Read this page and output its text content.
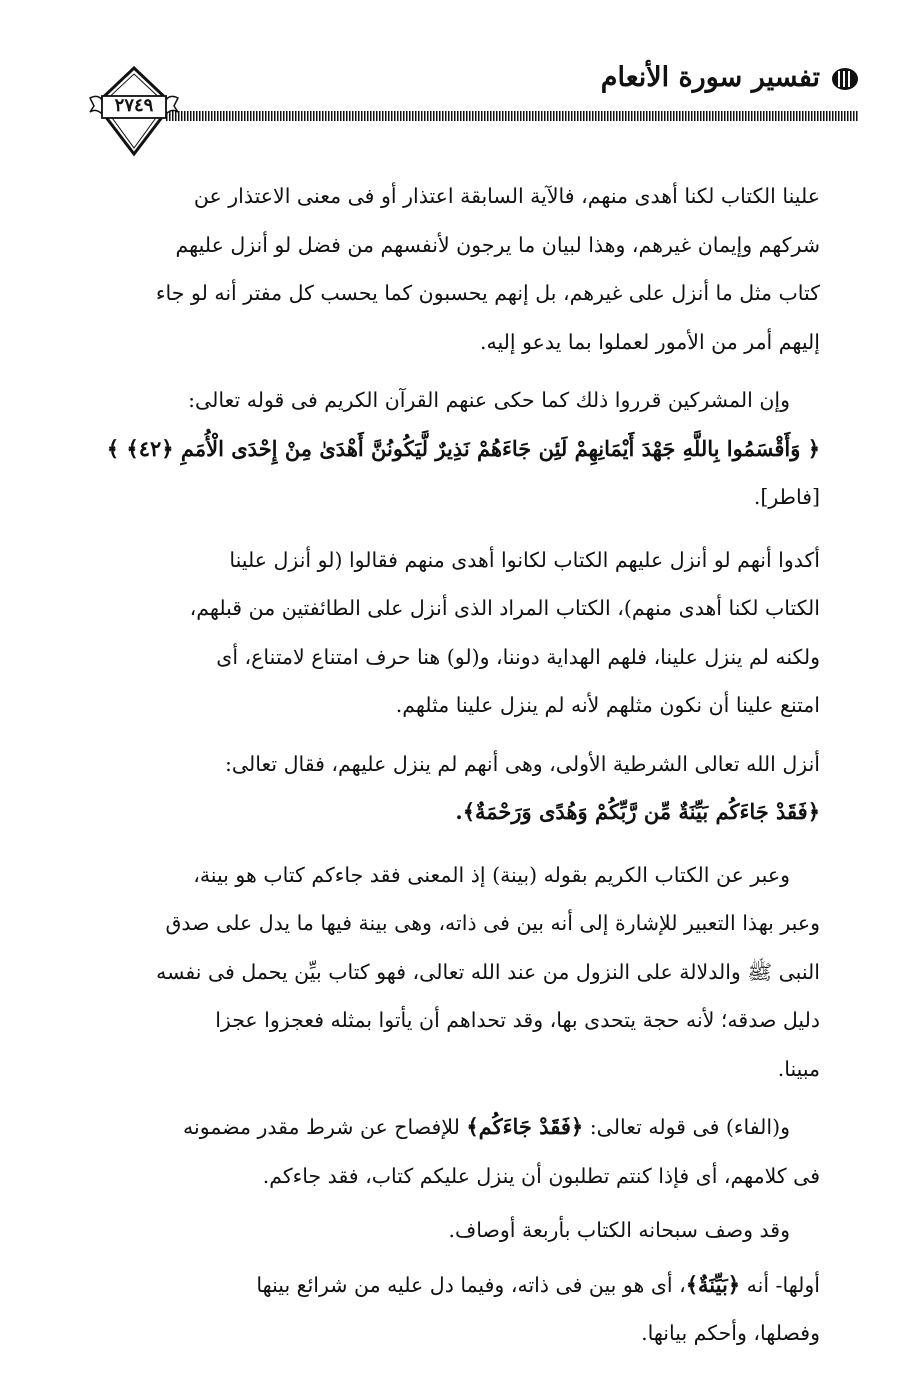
تفسير سورة الأنعام
٢٧٤٩
علينا الكتاب لكنا أهدى منهم، فالآية السابقة اعتذار أو فى معنى الاعتذار عن
شركهم وإيمان غيرهم، وهذا لبيان ما يرجون لأنفسهم من فضل لو أنزل عليهم
كتاب مثل ما أنزل على غيرهم، بل إنهم يحسبون كما يحسب كل مفتر أنه لو جاء
إليهم أمر من الأمور لعملوا بما يدعو إليه.
وإن المشركين قرروا ذلك كما حكى عنهم القرآن الكريم فى قوله تعالى:
﴿ وَأَقْسَمُوا بِاللَّهِ جَهْدَ أَيْمَانِهِمْ لَئِن جَاءَهُمْ نَذِيرٌ لَّيَكُونُنَّ أَهْدَىٰ مِنْ إِحْدَى الْأُمَمِ ﴿٤٢﴾ ﴾
[فاطر].
أكدوا أنهم لو أنزل عليهم الكتاب لكانوا أهدى منهم فقالوا (لو أنزل علينا
الكتاب لكنا أهدى منهم)، الكتاب المراد الذى أنزل على الطائفتين من قبلهم،
ولكنه لم ينزل علينا، فلهم الهداية دوننا، و(لو) هنا حرف امتناع لامتناع، أى
امتنع علينا أن نكون مثلهم لأنه لم ينزل علينا مثلهم.
أنزل الله تعالى الشرطية الأولى، وهى أنهم لم ينزل عليهم، فقال تعالى:
﴿فَقَدْ جَاءَكُم بَيِّنَةٌ مِّن رَّبِّكُمْ وَهُدًى وَرَحْمَةٌ﴾.
وعبر عن الكتاب الكريم بقوله (بينة) إذ المعنى فقد جاءكم كتاب هو بينة،
وعبر بهذا التعبير للإشارة إلى أنه بين فى ذاته، وهى بينة فيها ما يدل على صدق
النبى ﷺ والدلالة على النزول من عند الله تعالى، فهو كتاب بيِّن يحمل فى نفسه
دليل صدقه؛ لأنه حجة يتحدى بها، وقد تحداهم أن يأتوا بمثله فعجزوا عجزا
مبينا.
و(الفاء) فى قوله تعالى: ﴿فَقَدْ جَاءَكُم﴾ للإفصاح عن شرط مقدر مضمونه
فى كلامهم، أى فإذا كنتم تطلبون أن ينزل عليكم كتاب، فقد جاءكم.
وقد وصف سبحانه الكتاب بأربعة أوصاف.
أولها- أنه ﴿بَيِّنَةٌ﴾، أى هو بين فى ذاته، وفيما دل عليه من شرائع بينها
وفصلها، وأحكم بيانها.
